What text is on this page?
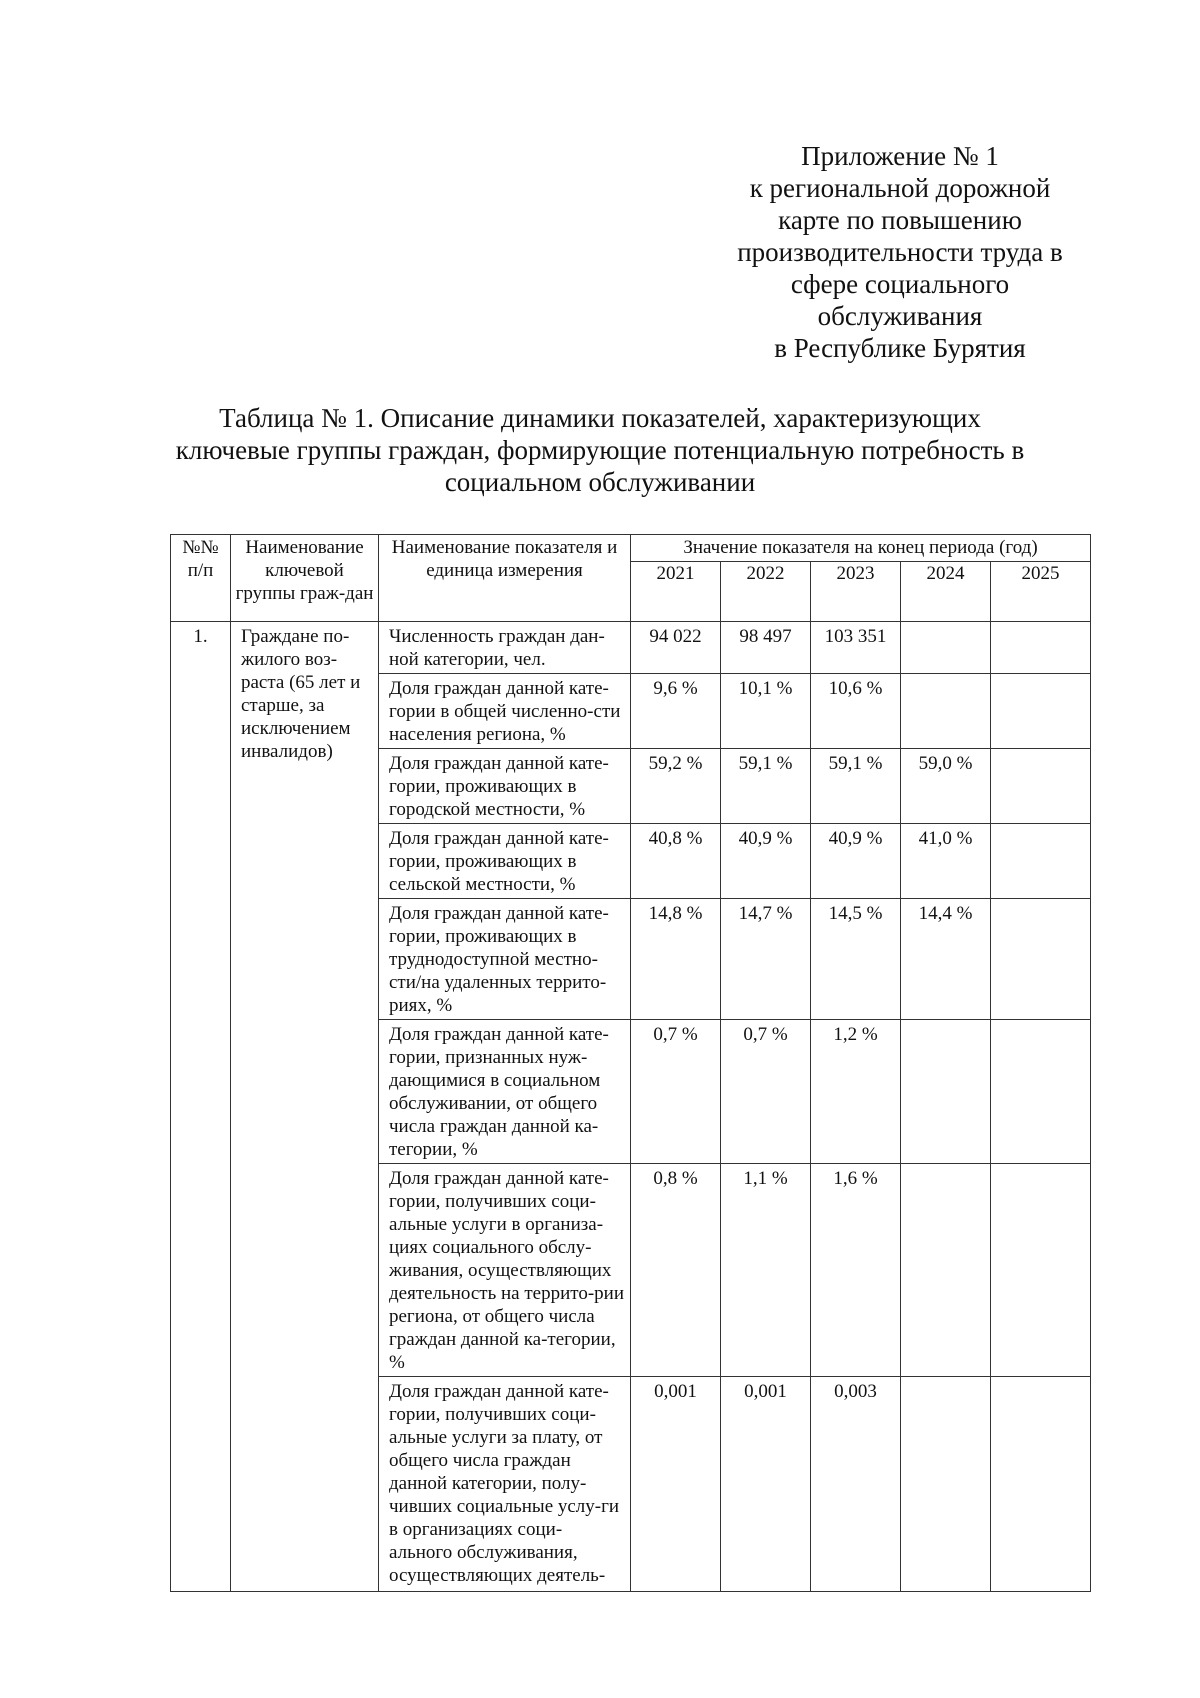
Приложение № 1
к региональной дорожной
карте по повышению
производительности труда в
сфере социального
обслуживания
в Республике Бурятия
Таблица № 1. Описание динамики показателей, характеризующих
ключевые группы граждан, формирующие потенциальную потребность в
социальном обслуживании
№№ п/п	Наименование ключевой группы граж-дан	Наименование показателя и единица измерения	Значение показателя на конец периода (год)				
			2021	2022	2023	2024	2025
1.	Граждане по-жилого воз-раста (65 лет и старше, за исключением инвалидов)	Численность граждан дан-ной категории, чел.	94 022	98 497	103 351		
		Доля граждан данной кате-гории в общей численно-сти населения региона, %	9,6 %	10,1 %	10,6 %		
		Доля граждан данной кате-гории, проживающих в городской местности, %	59,2 %	59,1 %	59,1 %	59,0 %	
		Доля граждан данной кате-гории, проживающих в сельской местности, %	40,8 %	40,9 %	40,9 %	41,0 %	
		Доля граждан данной кате-гории, проживающих в труднодоступной местно-сти/на удаленных террито-риях, %	14,8 %	14,7 %	14,5 %	14,4 %	
		Доля граждан данной кате-гории, признанных нуж-дающимися в социальном обслуживании, от общего числа граждан данной ка-тегории, %	0,7 %	0,7 %	1,2 %		
		Доля граждан данной кате-гории, получивших соци-альные услуги в организа-циях социального обслу-живания, осуществляющих деятельность на террито-рии региона, от общего числа граждан данной ка-тегории, %	0,8 %	1,1 %	1,6 %		
		Доля граждан данной кате-гории, получивших соци-альные услуги за плату, от общего числа граждан данной категории, полу-чивших социальные услу-ги в организациях соци-ального обслуживания, осуществляющих деятель-	0,001	0,001	0,003		
